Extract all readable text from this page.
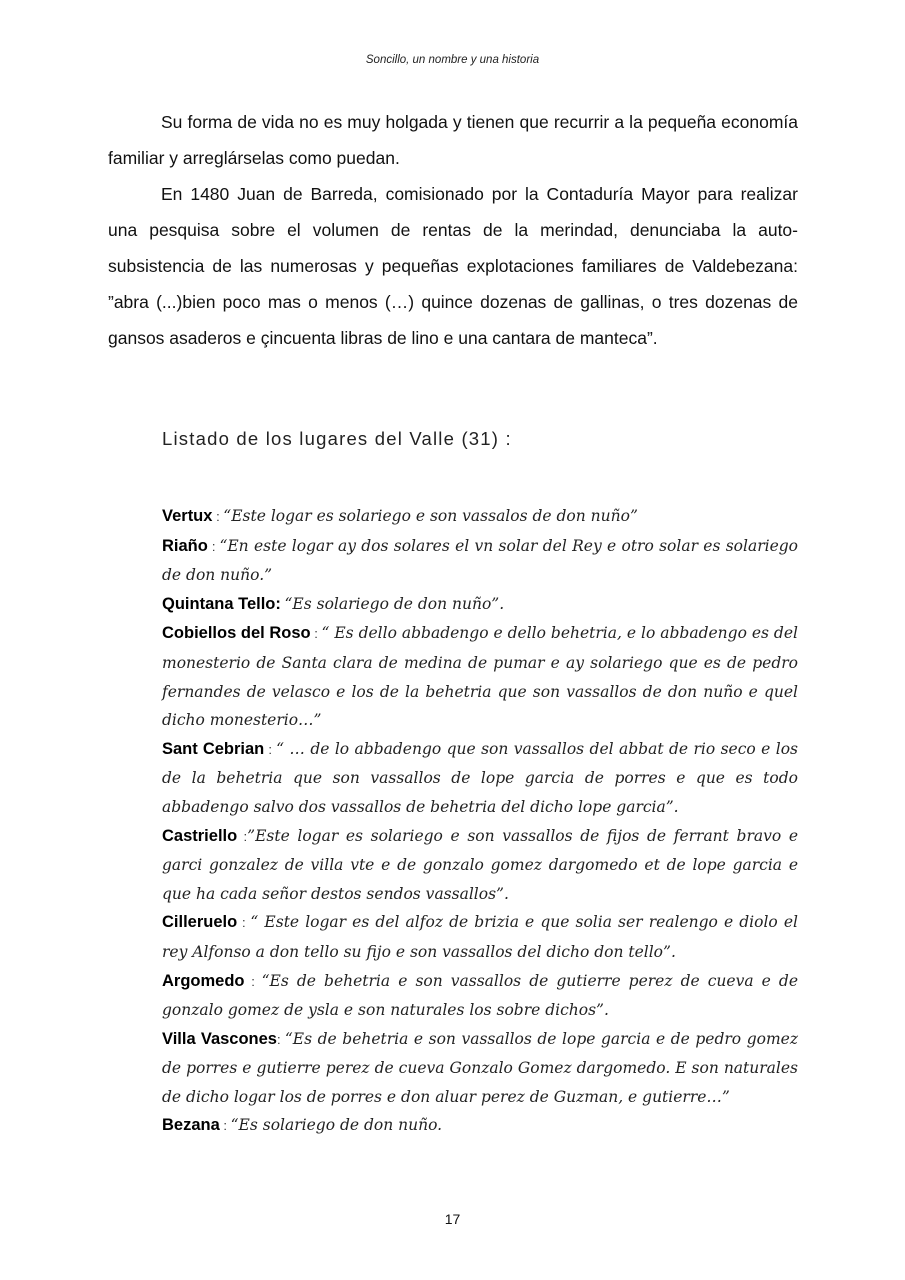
Soncillo, un nombre y una historia

Su forma de vida no es muy holgada y tienen que recurrir a la pequeña economía familiar y arreglárselas como puedan.

En 1480 Juan de Barreda, comisionado por la Contaduría Mayor para realizar una pesquisa sobre el volumen de rentas de la merindad, denunciaba la auto-subsistencia de las numerosas y pequeñas explotaciones familiares de Valdebezana: ”abra (...)bien poco mas o menos (…) quince dozenas de gallinas, o tres dozenas de gansos asaderos e çincuenta libras de lino e una cantara de manteca”.

Listado de los lugares del Valle (31) :

Vertux : “Este logar es solariego e son vassalos de don nuño”

Riaño : “En este logar ay dos solares el vn solar del Rey e otro solar es solariego de don nuño.”

Quintana Tello: “Es solariego de don nuño”.

Cobiellos del Roso : “ Es dello abbadengo e dello behetria, e lo abbadengo es del monesterio de Santa clara de medina de pumar e ay solariego que es de pedro fernandes de velasco e los de la behetria que son vassallos de don nuño e quel dicho monesterio…”

Sant Cebrian : “ … de lo abbadengo que son vassallos del abbat de rio seco e los de la behetria que son vassallos de lope garcia de porres e que es todo abbadengo salvo dos vassallos de behetria del dicho lope garcia”.

Castriello :”Este logar es solariego e son vassallos de fijos de ferrant bravo e garci gonzalez de villa vte e de gonzalo gomez dargomedo et de lope garcia e que ha cada señor destos sendos vassallos”.

Cilleruelo : “ Este logar es del alfoz de brizia e que solia ser realengo e diolo el rey Alfonso a don tello su fijo e son vassallos del dicho don tello”.

Argomedo : “Es de behetria e son vassallos de gutierre perez de cueva e de gonzalo gomez de ysla e son naturales los sobre dichos”.

Villa Vascones: “Es de behetria e son vassallos de lope garcia e de pedro gomez de porres e gutierre perez de cueva Gonzalo Gomez dargomedo. E son naturales de dicho logar los de porres e don aluar perez de Guzman, e gutierre…”

Bezana : “Es solariego de don nuño.

17
